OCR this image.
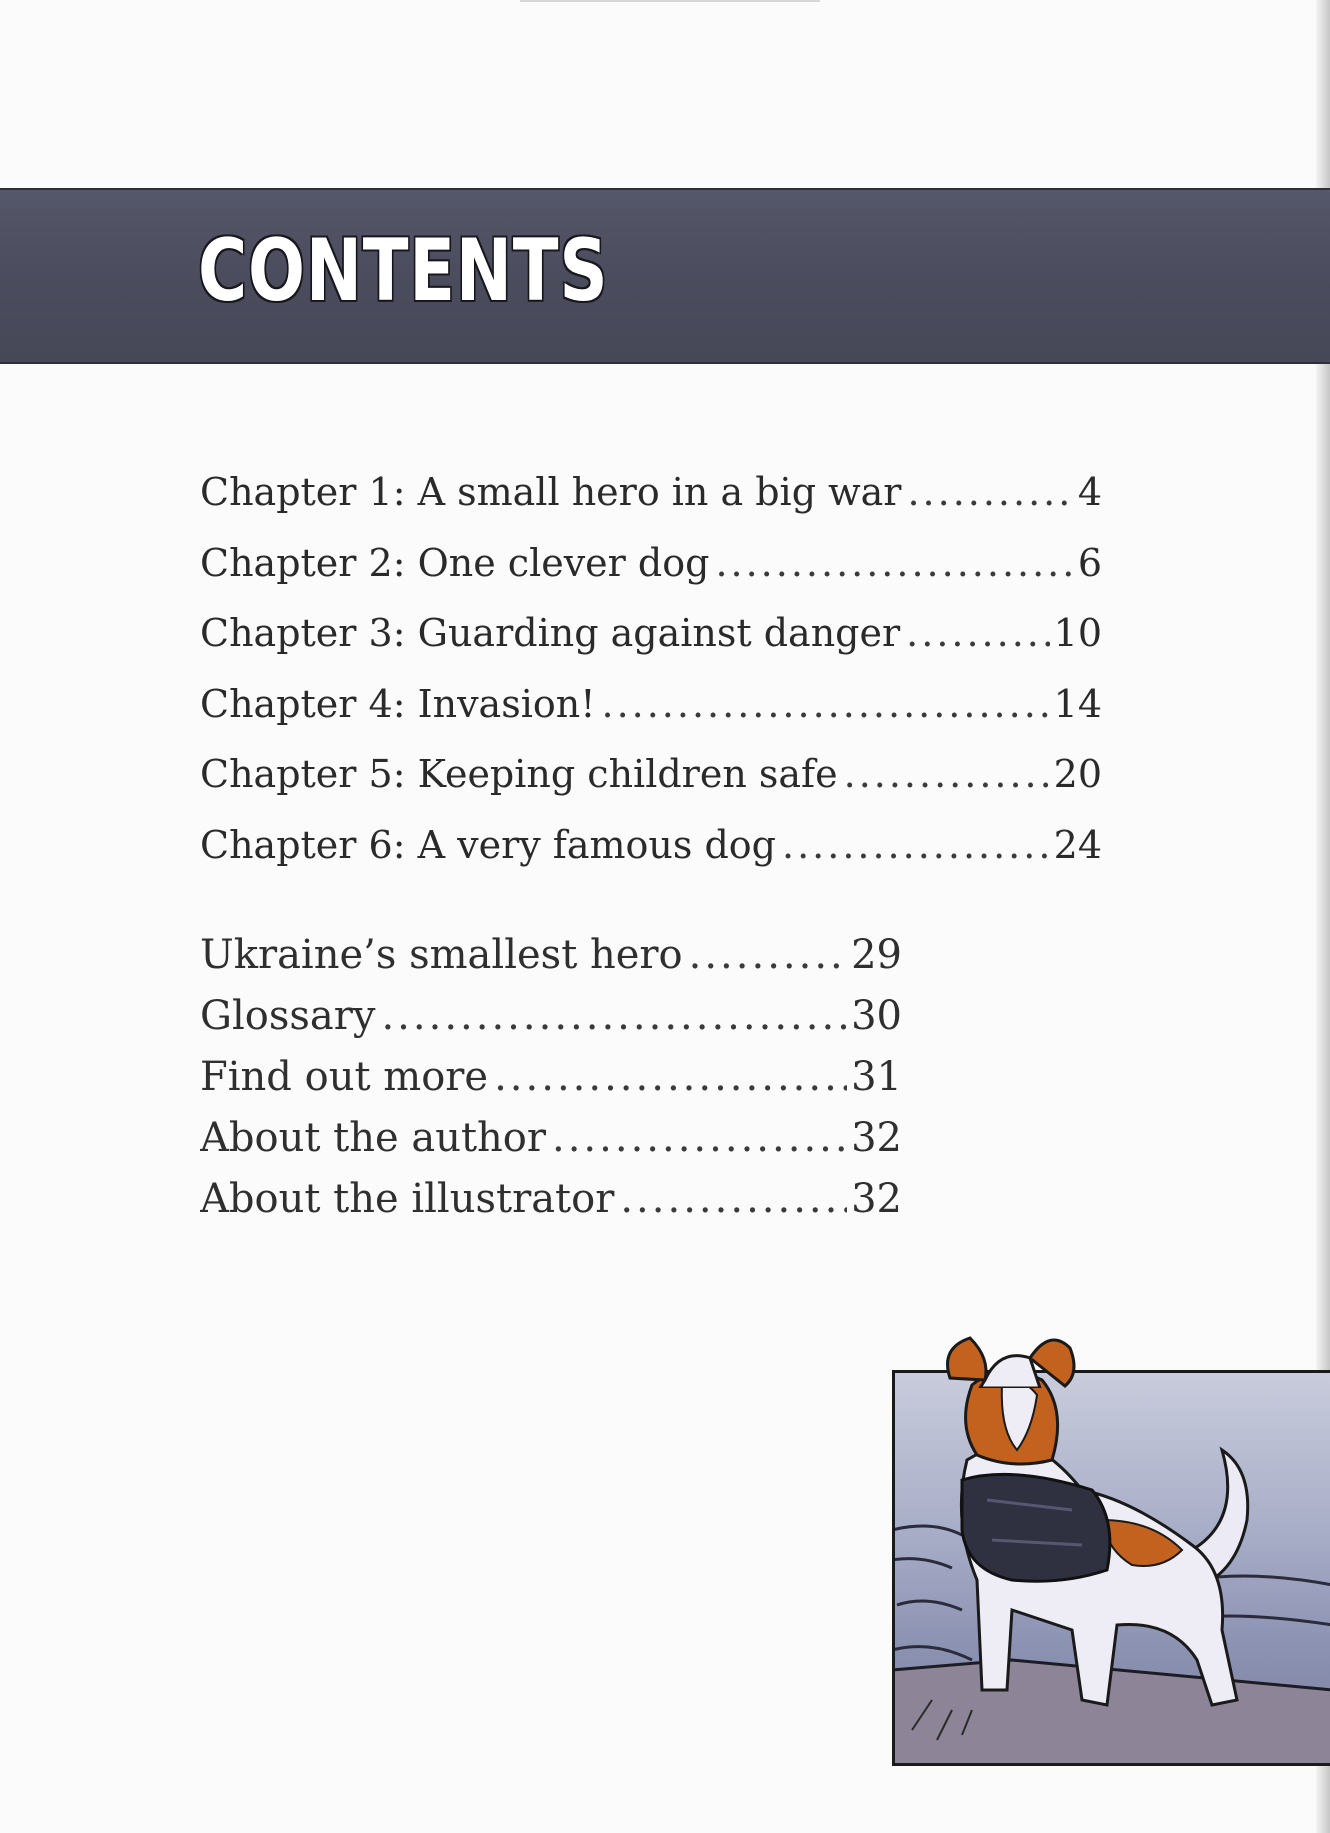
CONTENTS
Chapter 1: A small hero in a big war .....	4
Chapter 2: One clever dog .....	6
Chapter 3: Guarding against danger .....	10
Chapter 4: Invasion! .....	14
Chapter 5: Keeping children safe .....	20
Chapter 6: A very famous dog .....	24
Ukraine’s smallest hero .....	29
Glossary .....	30
Find out more .....	31
About the author .....	32
About the illustrator .....	32
